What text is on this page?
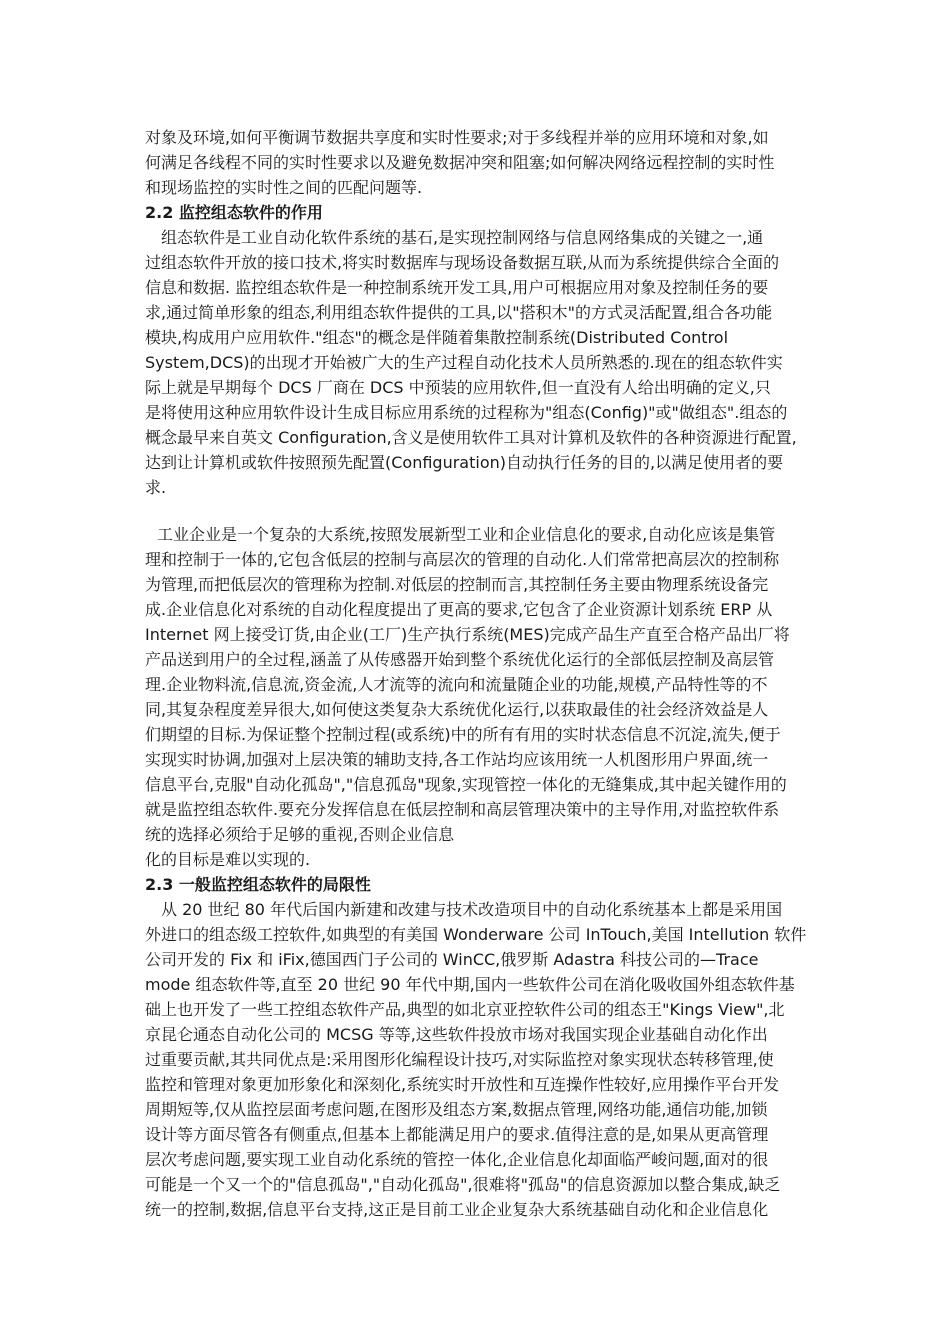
对象及环境,如何平衡调节数据共享度和实时性要求;对于多线程并举的应用环境和对象,如
何满足各线程不同的实时性要求以及避免数据冲突和阻塞;如何解决网络远程控制的实时性
和现场监控的实时性之间的匹配问题等.
2.2 监控组态软件的作用
组态软件是工业自动化软件系统的基石,是实现控制网络与信息网络集成的关键之一,通
过组态软件开放的接口技术,将实时数据库与现场设备数据互联,从而为系统提供综合全面的
信息和数据. 监控组态软件是一种控制系统开发工具,用户可根据应用对象及控制任务的要
求,通过简单形象的组态,利用组态软件提供的工具,以"搭积木"的方式灵活配置,组合各功能
模块,构成用户应用软件."组态"的概念是伴随着集散控制系统(Distributed Control
System,DCS)的出现才开始被广大的生产过程自动化技术人员所熟悉的.现在的组态软件实
际上就是早期每个 DCS 厂商在 DCS 中预装的应用软件,但一直没有人给出明确的定义,只
是将使用这种应用软件设计生成目标应用系统的过程称为"组态(Config)"或"做组态".组态的
概念最早来自英文 Configuration,含义是使用软件工具对计算机及软件的各种资源进行配置,
达到让计算机或软件按照预先配置(Configuration)自动执行任务的目的,以满足使用者的要
求.
工业企业是一个复杂的大系统,按照发展新型工业和企业信息化的要求,自动化应该是集管
理和控制于一体的,它包含低层的控制与高层次的管理的自动化.人们常常把高层次的控制称
为管理,而把低层次的管理称为控制.对低层的控制而言,其控制任务主要由物理系统设备完
成.企业信息化对系统的自动化程度提出了更高的要求,它包含了企业资源计划系统 ERP 从
Internet 网上接受订货,由企业(工厂)生产执行系统(MES)完成产品生产直至合格产品出厂将
产品送到用户的全过程,涵盖了从传感器开始到整个系统优化运行的全部低层控制及高层管
理.企业物料流,信息流,资金流,人才流等的流向和流量随企业的功能,规模,产品特性等的不
同,其复杂程度差异很大,如何使这类复杂大系统优化运行,以获取最佳的社会经济效益是人
们期望的目标.为保证整个控制过程(或系统)中的所有有用的实时状态信息不沉淀,流失,便于
实现实时协调,加强对上层决策的辅助支持,各工作站均应该用统一人机图形用户界面,统一
信息平台,克服"自动化孤岛","信息孤岛"现象,实现管控一体化的无缝集成,其中起关键作用的
就是监控组态软件.要充分发挥信息在低层控制和高层管理决策中的主导作用,对监控软件系
统的选择必须给于足够的重视,否则企业信息
化的目标是难以实现的.
2.3 一般监控组态软件的局限性
从 20 世纪 80 年代后国内新建和改建与技术改造项目中的自动化系统基本上都是采用国
外进口的组态级工控软件,如典型的有美国 Wonderware 公司 InTouch,美国 Intellution 软件
公司开发的 Fix 和 iFix,德国西门子公司的 WinCC,俄罗斯 Adastra 科技公司的—Trace
mode 组态软件等,直至 20 世纪 90 年代中期,国内一些软件公司在消化吸收国外组态软件基
础上也开发了一些工控组态软件产品,典型的如北京亚控软件公司的组态王"Kings View",北
京昆仑通态自动化公司的 MCSG 等等,这些软件投放市场对我国实现企业基础自动化作出
过重要贡献,其共同优点是:采用图形化编程设计技巧,对实际监控对象实现状态转移管理,使
监控和管理对象更加形象化和深刻化,系统实时开放性和互连操作性较好,应用操作平台开发
周期短等,仅从监控层面考虑问题,在图形及组态方案,数据点管理,网络功能,通信功能,加锁
设计等方面尽管各有侧重点,但基本上都能满足用户的要求.值得注意的是,如果从更高管理
层次考虑问题,要实现工业自动化系统的管控一体化,企业信息化却面临严峻问题,面对的很
可能是一个又一个的"信息孤岛","自动化孤岛",很难将"孤岛"的信息资源加以整合集成,缺乏
统一的控制,数据,信息平台支持,这正是目前工业企业复杂大系统基础自动化和企业信息化
